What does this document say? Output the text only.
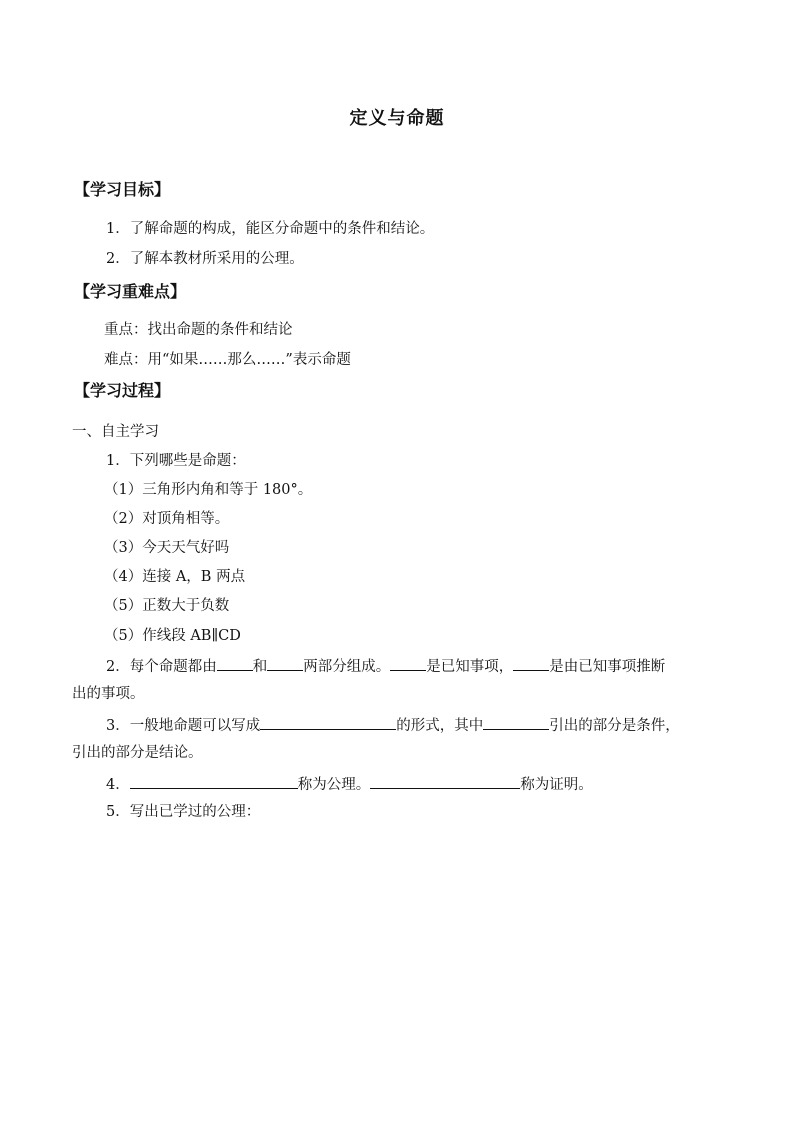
定义与命题
【学习目标】
1．了解命题的构成，能区分命题中的条件和结论。
2．了解本教材所采用的公理。
【学习重难点】
重点：找出命题的条件和结论
难点：用“如果……那么……”表示命题
【学习过程】
一、自主学习
1．下列哪些是命题：
（1）三角形内角和等于 180°。
（2）对顶角相等。
（3）今天天气好吗
（4）连接 A，B 两点
（5）正数大于负数
（5）作线段 AB∥CD
2．每个命题都由 和 两部分组成。 是已知事项， 是由已知事项推断
出的事项。
3．一般地命题可以写成	的形式，其中	引出的部分是条件，
引出的部分是结论。
4．	称为公理。	称为证明。
5．写出已学过的公理：
